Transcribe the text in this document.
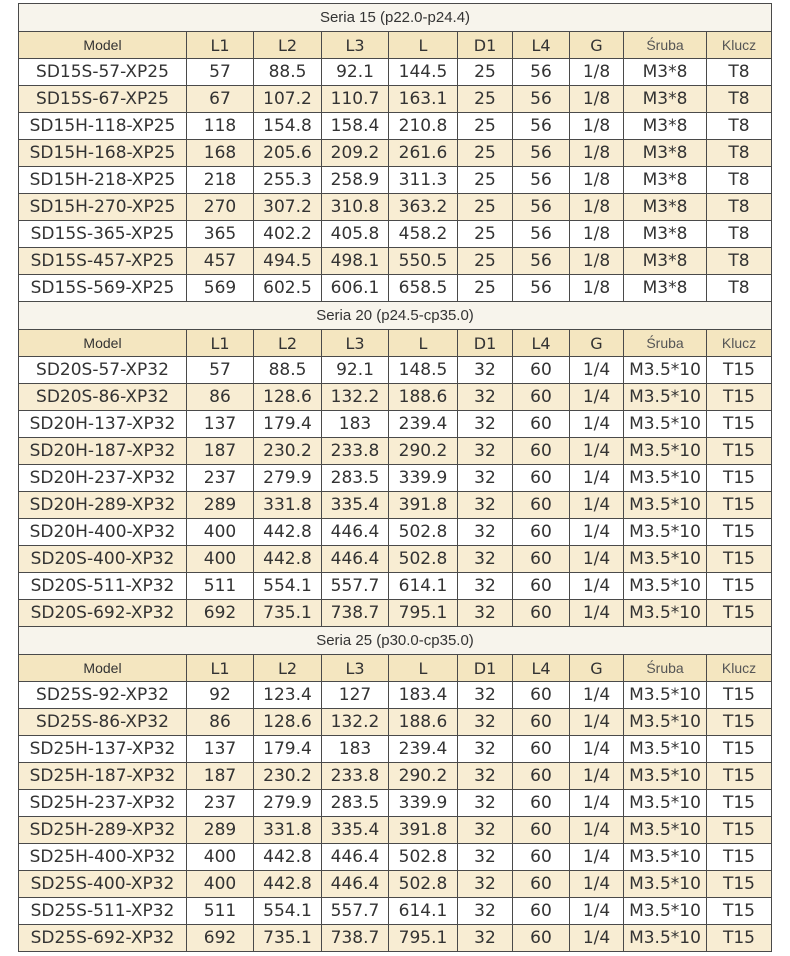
Seria 15 (p22.0-p24.4)									
Model	L1	L2	L3	L	D1	L4	G	Śruba	Klucz
SD15S-57-XP25	57	88.5	92.1	144.5	25	56	1/8	M3*8	T8
SD15S-67-XP25	67	107.2	110.7	163.1	25	56	1/8	M3*8	T8
SD15H-118-XP25	118	154.8	158.4	210.8	25	56	1/8	M3*8	T8
SD15H-168-XP25	168	205.6	209.2	261.6	25	56	1/8	M3*8	T8
SD15H-218-XP25	218	255.3	258.9	311.3	25	56	1/8	M3*8	T8
SD15H-270-XP25	270	307.2	310.8	363.2	25	56	1/8	M3*8	T8
SD15S-365-XP25	365	402.2	405.8	458.2	25	56	1/8	M3*8	T8
SD15S-457-XP25	457	494.5	498.1	550.5	25	56	1/8	M3*8	T8
SD15S-569-XP25	569	602.5	606.1	658.5	25	56	1/8	M3*8	T8
Seria 20 (p24.5-cp35.0)									
Model	L1	L2	L3	L	D1	L4	G	Śruba	Klucz
SD20S-57-XP32	57	88.5	92.1	148.5	32	60	1/4	M3.5*10	T15
SD20S-86-XP32	86	128.6	132.2	188.6	32	60	1/4	M3.5*10	T15
SD20H-137-XP32	137	179.4	183	239.4	32	60	1/4	M3.5*10	T15
SD20H-187-XP32	187	230.2	233.8	290.2	32	60	1/4	M3.5*10	T15
SD20H-237-XP32	237	279.9	283.5	339.9	32	60	1/4	M3.5*10	T15
SD20H-289-XP32	289	331.8	335.4	391.8	32	60	1/4	M3.5*10	T15
SD20H-400-XP32	400	442.8	446.4	502.8	32	60	1/4	M3.5*10	T15
SD20S-400-XP32	400	442.8	446.4	502.8	32	60	1/4	M3.5*10	T15
SD20S-511-XP32	511	554.1	557.7	614.1	32	60	1/4	M3.5*10	T15
SD20S-692-XP32	692	735.1	738.7	795.1	32	60	1/4	M3.5*10	T15
Seria 25 (p30.0-cp35.0)									
Model	L1	L2	L3	L	D1	L4	G	Śruba	Klucz
SD25S-92-XP32	92	123.4	127	183.4	32	60	1/4	M3.5*10	T15
SD25S-86-XP32	86	128.6	132.2	188.6	32	60	1/4	M3.5*10	T15
SD25H-137-XP32	137	179.4	183	239.4	32	60	1/4	M3.5*10	T15
SD25H-187-XP32	187	230.2	233.8	290.2	32	60	1/4	M3.5*10	T15
SD25H-237-XP32	237	279.9	283.5	339.9	32	60	1/4	M3.5*10	T15
SD25H-289-XP32	289	331.8	335.4	391.8	32	60	1/4	M3.5*10	T15
SD25H-400-XP32	400	442.8	446.4	502.8	32	60	1/4	M3.5*10	T15
SD25S-400-XP32	400	442.8	446.4	502.8	32	60	1/4	M3.5*10	T15
SD25S-511-XP32	511	554.1	557.7	614.1	32	60	1/4	M3.5*10	T15
SD25S-692-XP32	692	735.1	738.7	795.1	32	60	1/4	M3.5*10	T15
